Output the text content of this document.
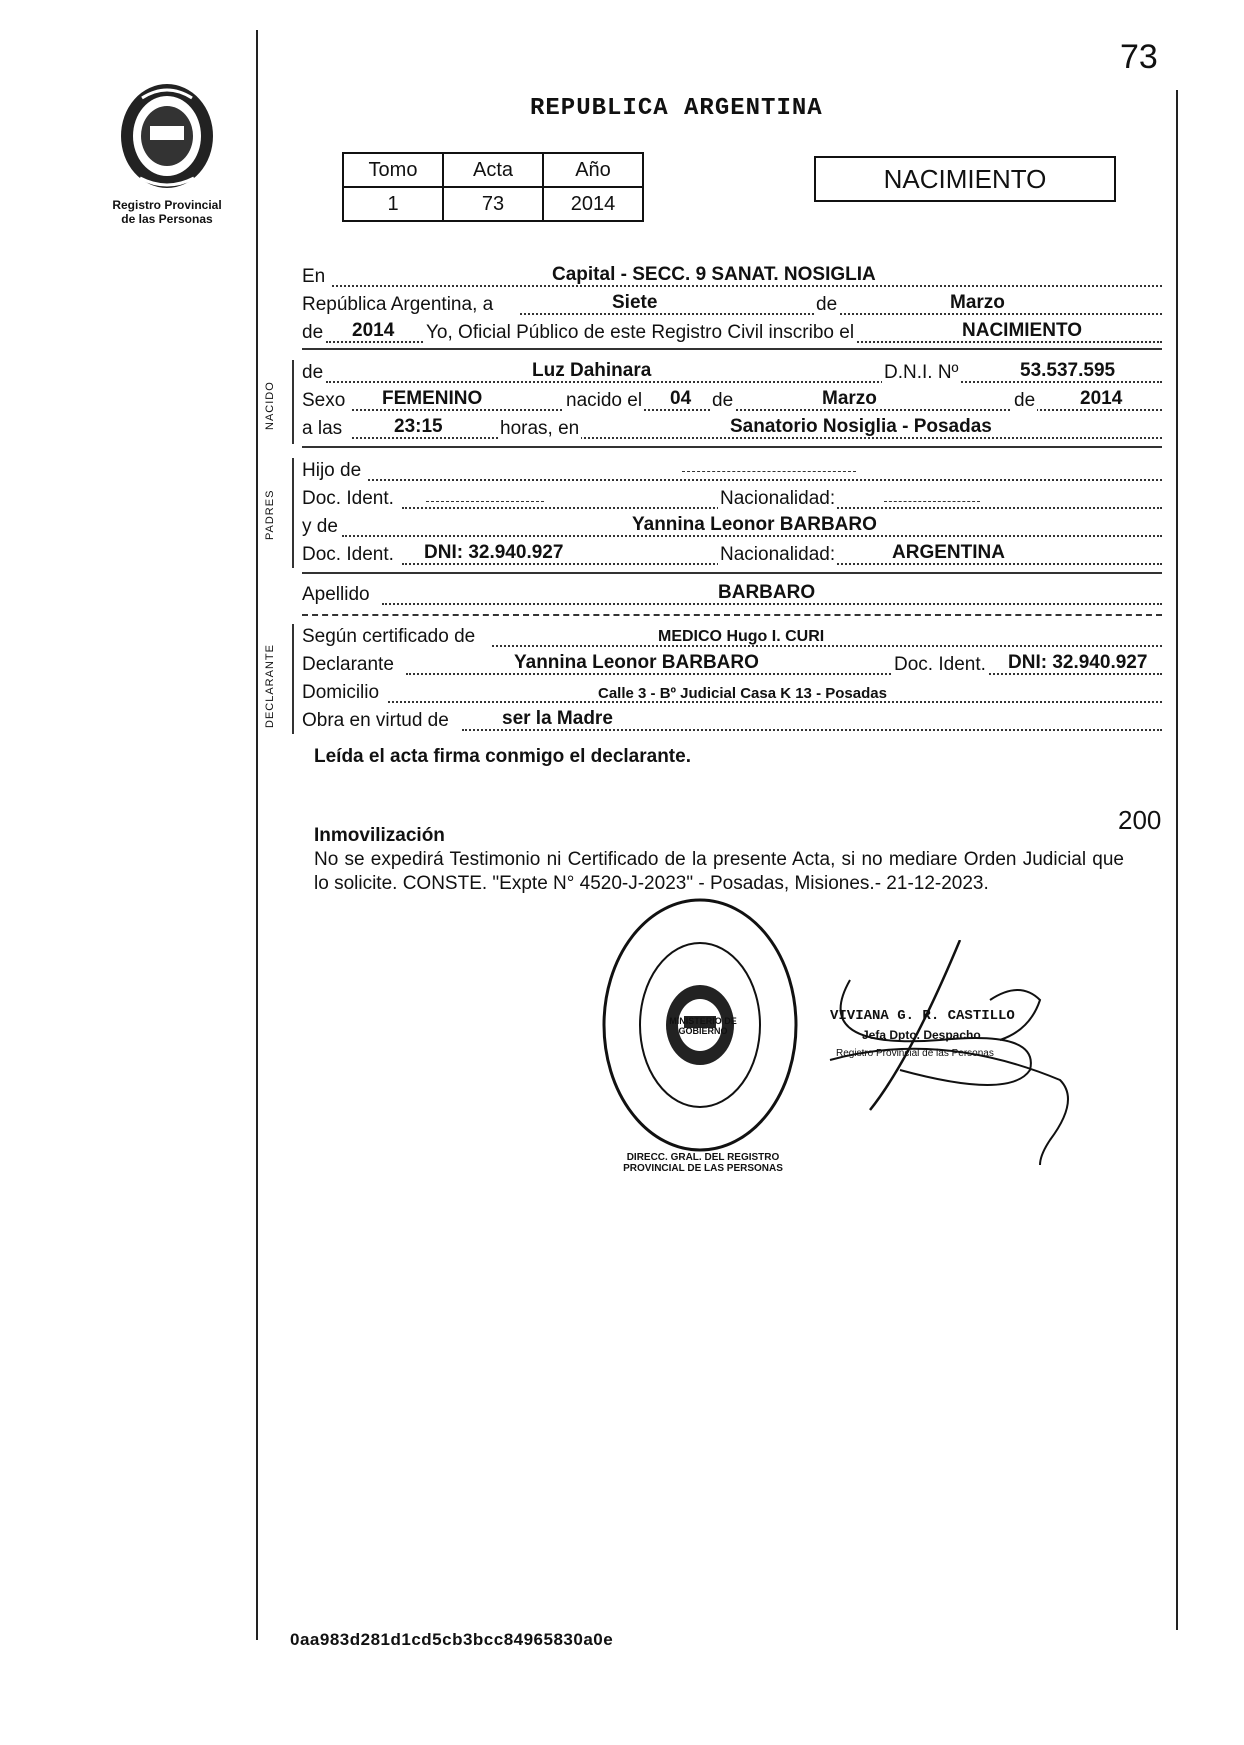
73
Registro Provincial
de las Personas
REPUBLICA ARGENTINA
Tomo	Acta	Año
1	73	2014
NACIMIENTO
En	Capital - SECC. 9 SANAT. NOSIGLIA
República Argentina, a	Siete	de	Marzo
de 2014 Yo, Oficial Público de este Registro Civil inscribo el	NACIMIENTO
NACIDO
de	Luz Dahinara	D.N.I. Nº	53.537.595
Sexo FEMENINO	nacido el 04 de	Marzo	de 2014
a las	23:15	horas, en	Sanatorio Nosiglia - Posadas
PADRES
Hijo de
Doc. Ident.	Nacionalidad:
y de	Yannina Leonor BARBARO
Doc. Ident. DNI: 32.940.927	Nacionalidad:	ARGENTINA
Apellido	BARBARO
DECLARANTE
Según certificado de	MEDICO Hugo I. CURI
Declarante	Yannina Leonor BARBARO	Doc. Ident. DNI: 32.940.927
Domicilio	Calle 3 - Bº Judicial Casa K 13 - Posadas
Obra en virtud de	ser la Madre
Leída el acta firma conmigo el declarante.
200
Inmovilización
No se expedirá Testimonio ni Certificado de la presente Acta, si no mediare Orden Judicial que lo solicite. CONSTE. "Expte N° 4520-J-2023" - Posadas, Misiones.- 21-12-2023.
DIRECC. GRAL. DEL REGISTRO PROVINCIAL DE LAS PERSONAS
MINISTERIO DE GOBIERNO
VIVIANA G. R. CASTILLO
Jefa Dpto. Despacho
Registro Provincial de las Personas
0aa983d281d1cd5cb3bcc84965830a0e
